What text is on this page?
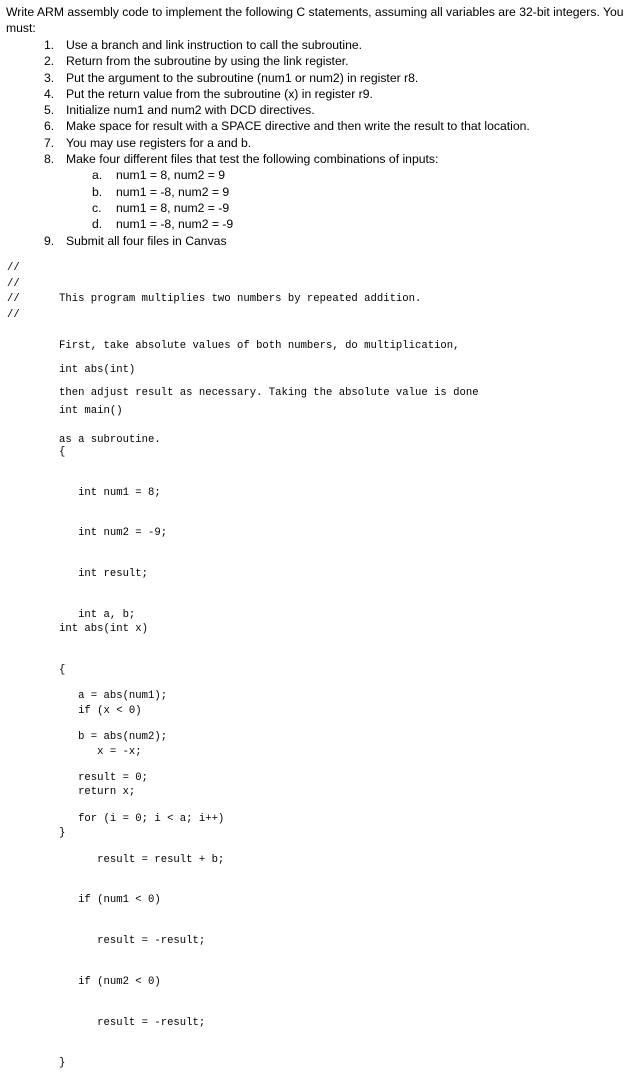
Write ARM assembly code to implement the following C statements, assuming all variables are 32-bit integers. You must:
1. Use a branch and link instruction to call the subroutine.
2. Return from the subroutine by using the link register.
3. Put the argument to the subroutine (num1 or num2) in register r8.
4. Put the return value from the subroutine (x) in register r9.
5. Initialize num1 and num2 with DCD directives.
6. Make space for result with a SPACE directive and then write the result to that location.
7. You may use registers for a and b.
8. Make four different files that test the following combinations of inputs:
a. num1 = 8, num2 = 9
b. num1 = -8, num2 = 9
c. num1 = 8, num2 = -9
d. num1 = -8, num2 = -9
9. Submit all four files in Canvas
//
//
//
//

This program multiplies two numbers by repeated addition.

First, take absolute values of both numbers, do multiplication,

then adjust result as necessary. Taking the absolute value is done

as a subroutine.

int abs(int)

int main()

{

int num1 = 8;

int num2 = -9;

int result;

int a, b;

a = abs(num1);

b = abs(num2);

result = 0;

for (i = 0; i < a; i++)

result = result + b;

if (num1 < 0)

result = -result;

if (num2 < 0)

result = -result;

}

int abs(int x)

{

if (x < 0)

x = -x;

return x;

}
